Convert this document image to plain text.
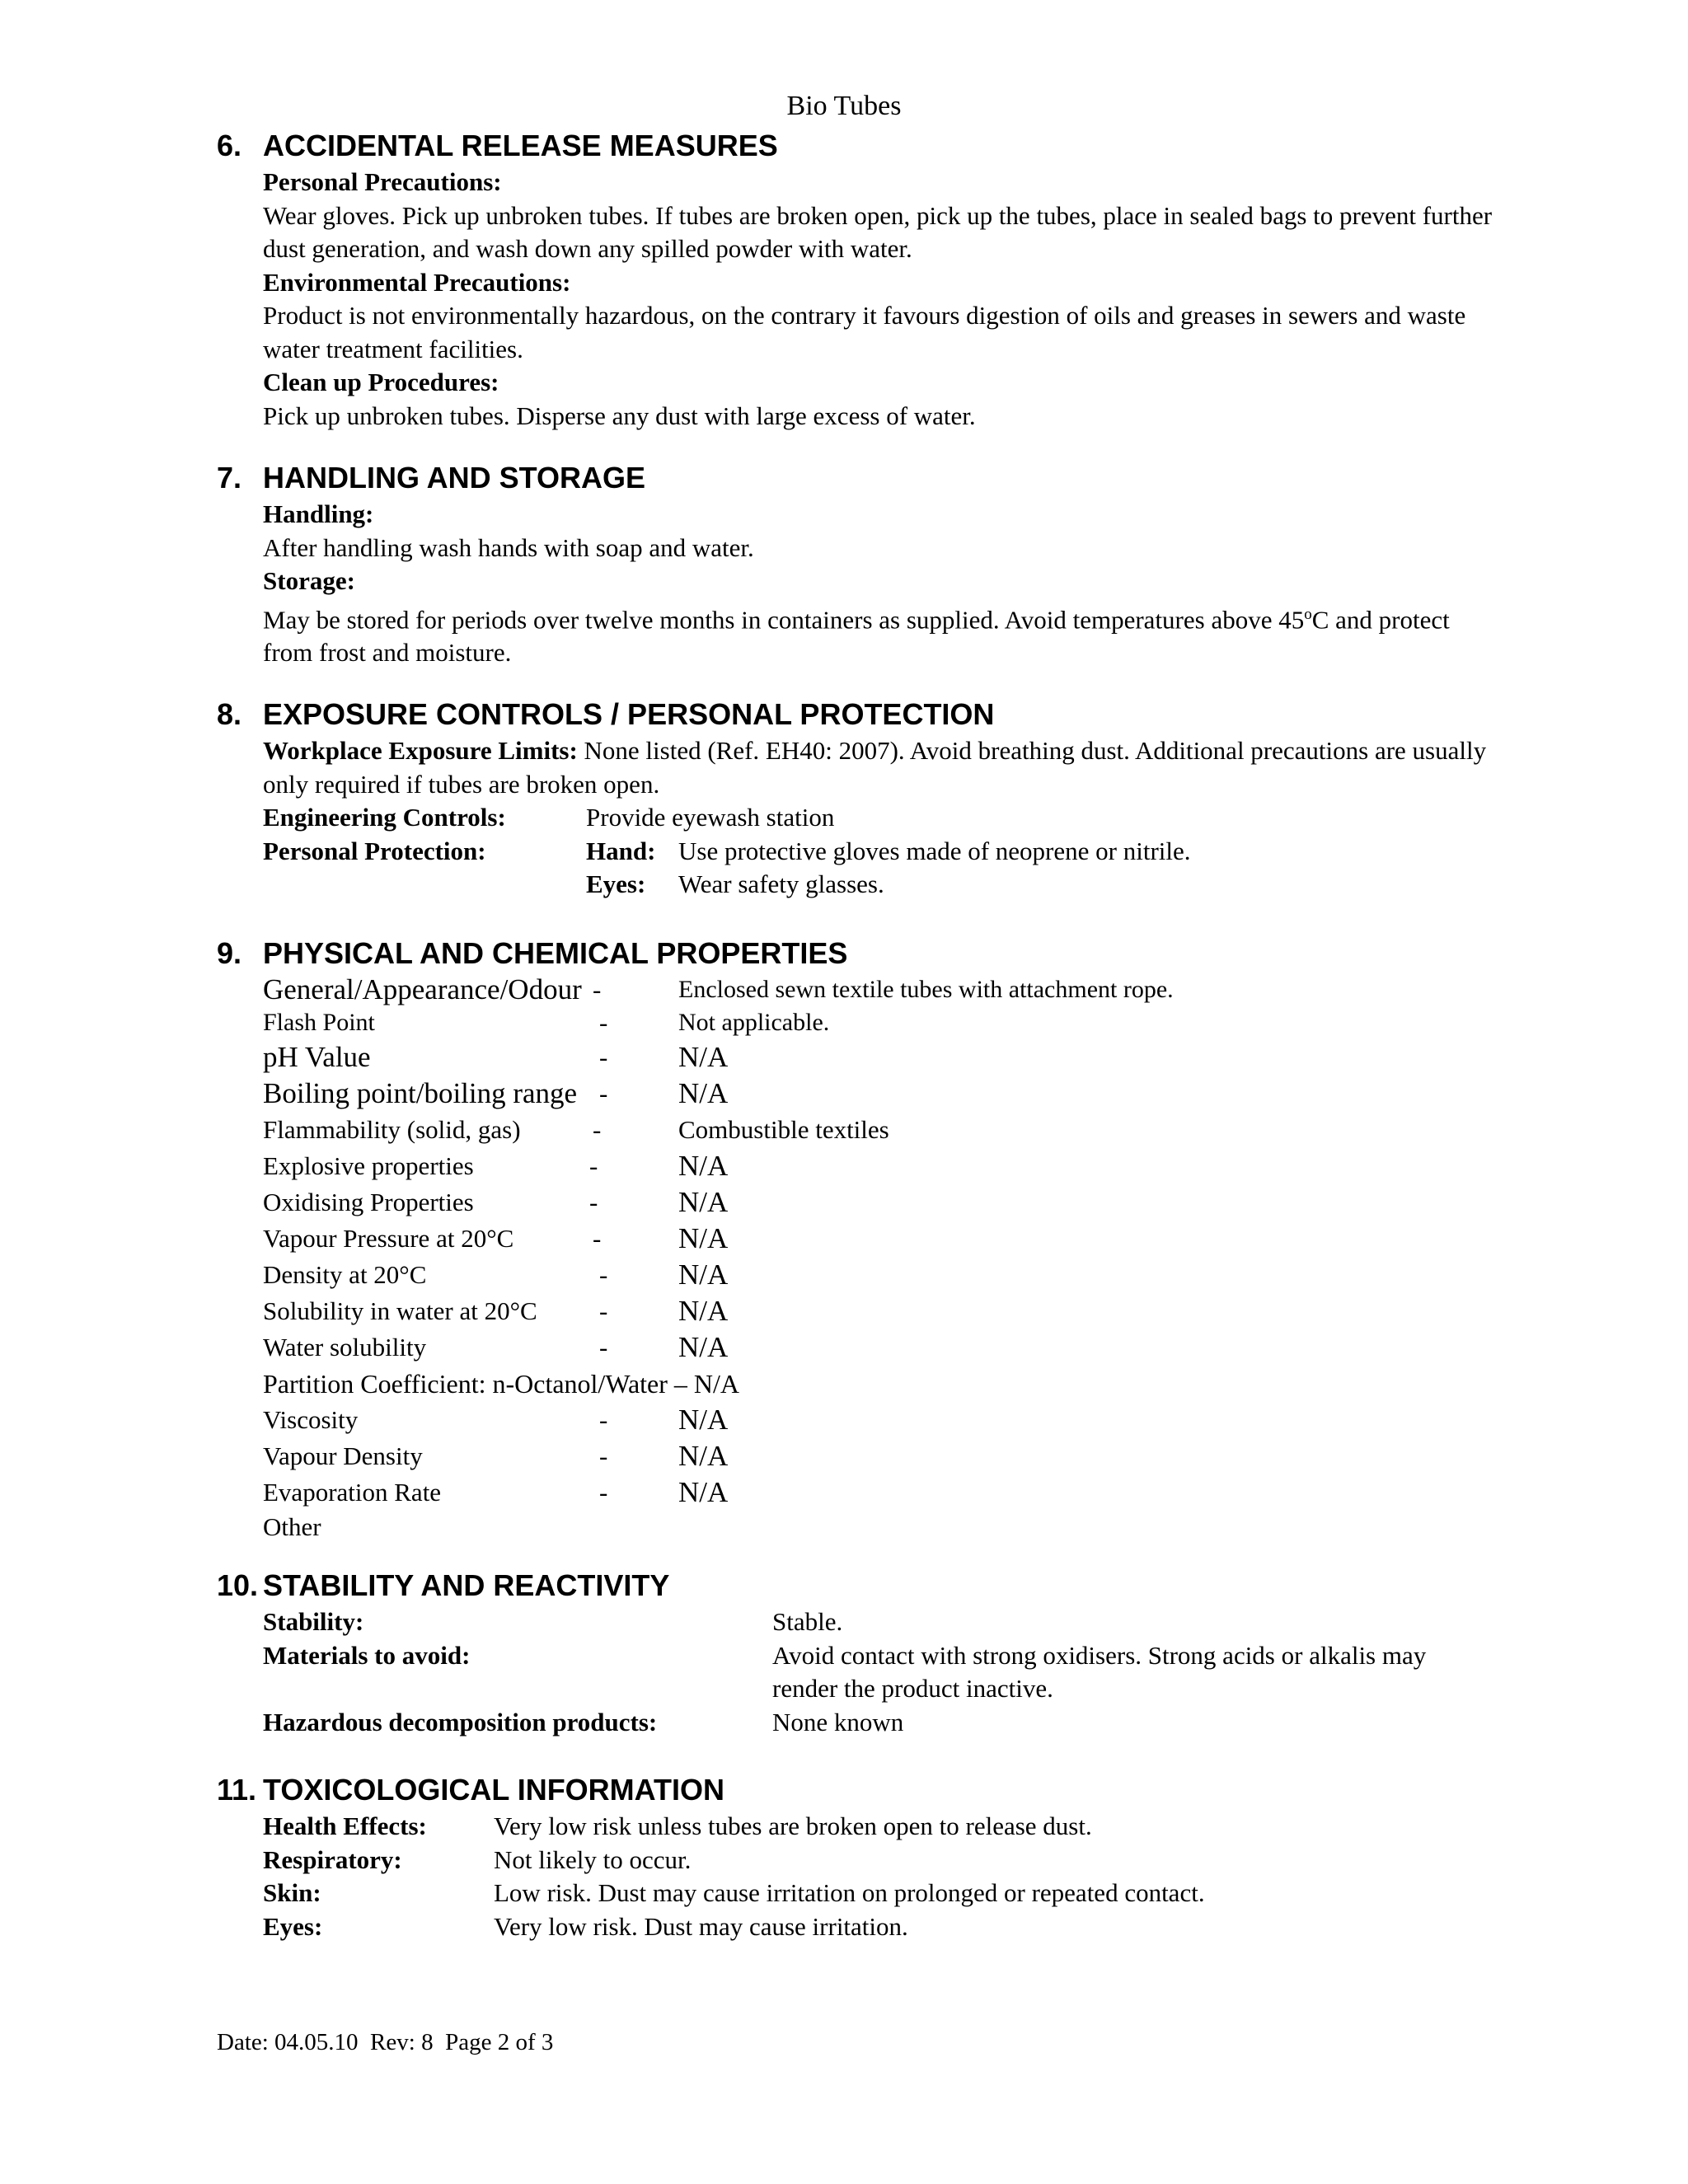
Bio Tubes
6. ACCIDENTAL RELEASE MEASURES
Personal Precautions:
Wear gloves. Pick up unbroken tubes. If tubes are broken open, pick up the tubes, place in sealed bags to prevent further dust generation, and wash down any spilled powder with water.
Environmental Precautions:
Product is not environmentally hazardous, on the contrary it favours digestion of oils and greases in sewers and waste water treatment facilities.
Clean up Procedures:
Pick up unbroken tubes. Disperse any dust with large excess of water.
7. HANDLING AND STORAGE
Handling:
After handling wash hands with soap and water.
Storage:
May be stored for periods over twelve months in containers as supplied. Avoid temperatures above 45$^o$C and protect from frost and moisture.
8. EXPOSURE CONTROLS / PERSONAL PROTECTION
Workplace Exposure Limits: None listed (Ref. EH40: 2007). Avoid breathing dust. Additional precautions are usually only required if tubes are broken open.
Engineering Controls:	Provide eyewash station
Personal Protection:	Hand: Use protective gloves made of neoprene or nitrile.
Eyes:	Wear safety glasses.
9. PHYSICAL AND CHEMICAL PROPERTIES
General/Appearance/Odour -	Enclosed sewn textile tubes with attachment rope.
Flash Point	-	Not applicable.
pH Value	-	N/A
Boiling point/boiling range -	N/A
Flammability (solid, gas)	-	Combustible textiles
Explosive properties	-	N/A
Oxidising Properties	-	N/A
Vapour Pressure at 20°C	-	N/A
Density at 20°C	-	N/A
Solubility in water at 20°C	-	N/A
Water solubility	-	N/A
Partition Coefficient: n-Octanol/Water – N/A
Viscosity	-	N/A
Vapour Density	-	N/A
Evaporation Rate	-	N/A
Other
10. STABILITY AND REACTIVITY
Stability:	Stable.
Materials to avoid:	Avoid contact with strong oxidisers. Strong acids or alkalis may render the product inactive.
Hazardous decomposition products:	None known
11. TOXICOLOGICAL INFORMATION
Health Effects:	Very low risk unless tubes are broken open to release dust.
Respiratory:	Not likely to occur.
Skin:	Low risk. Dust may cause irritation on prolonged or repeated contact.
Eyes:	Very low risk. Dust may cause irritation.
Date: 04.05.10  Rev: 8  Page 2 of 3
